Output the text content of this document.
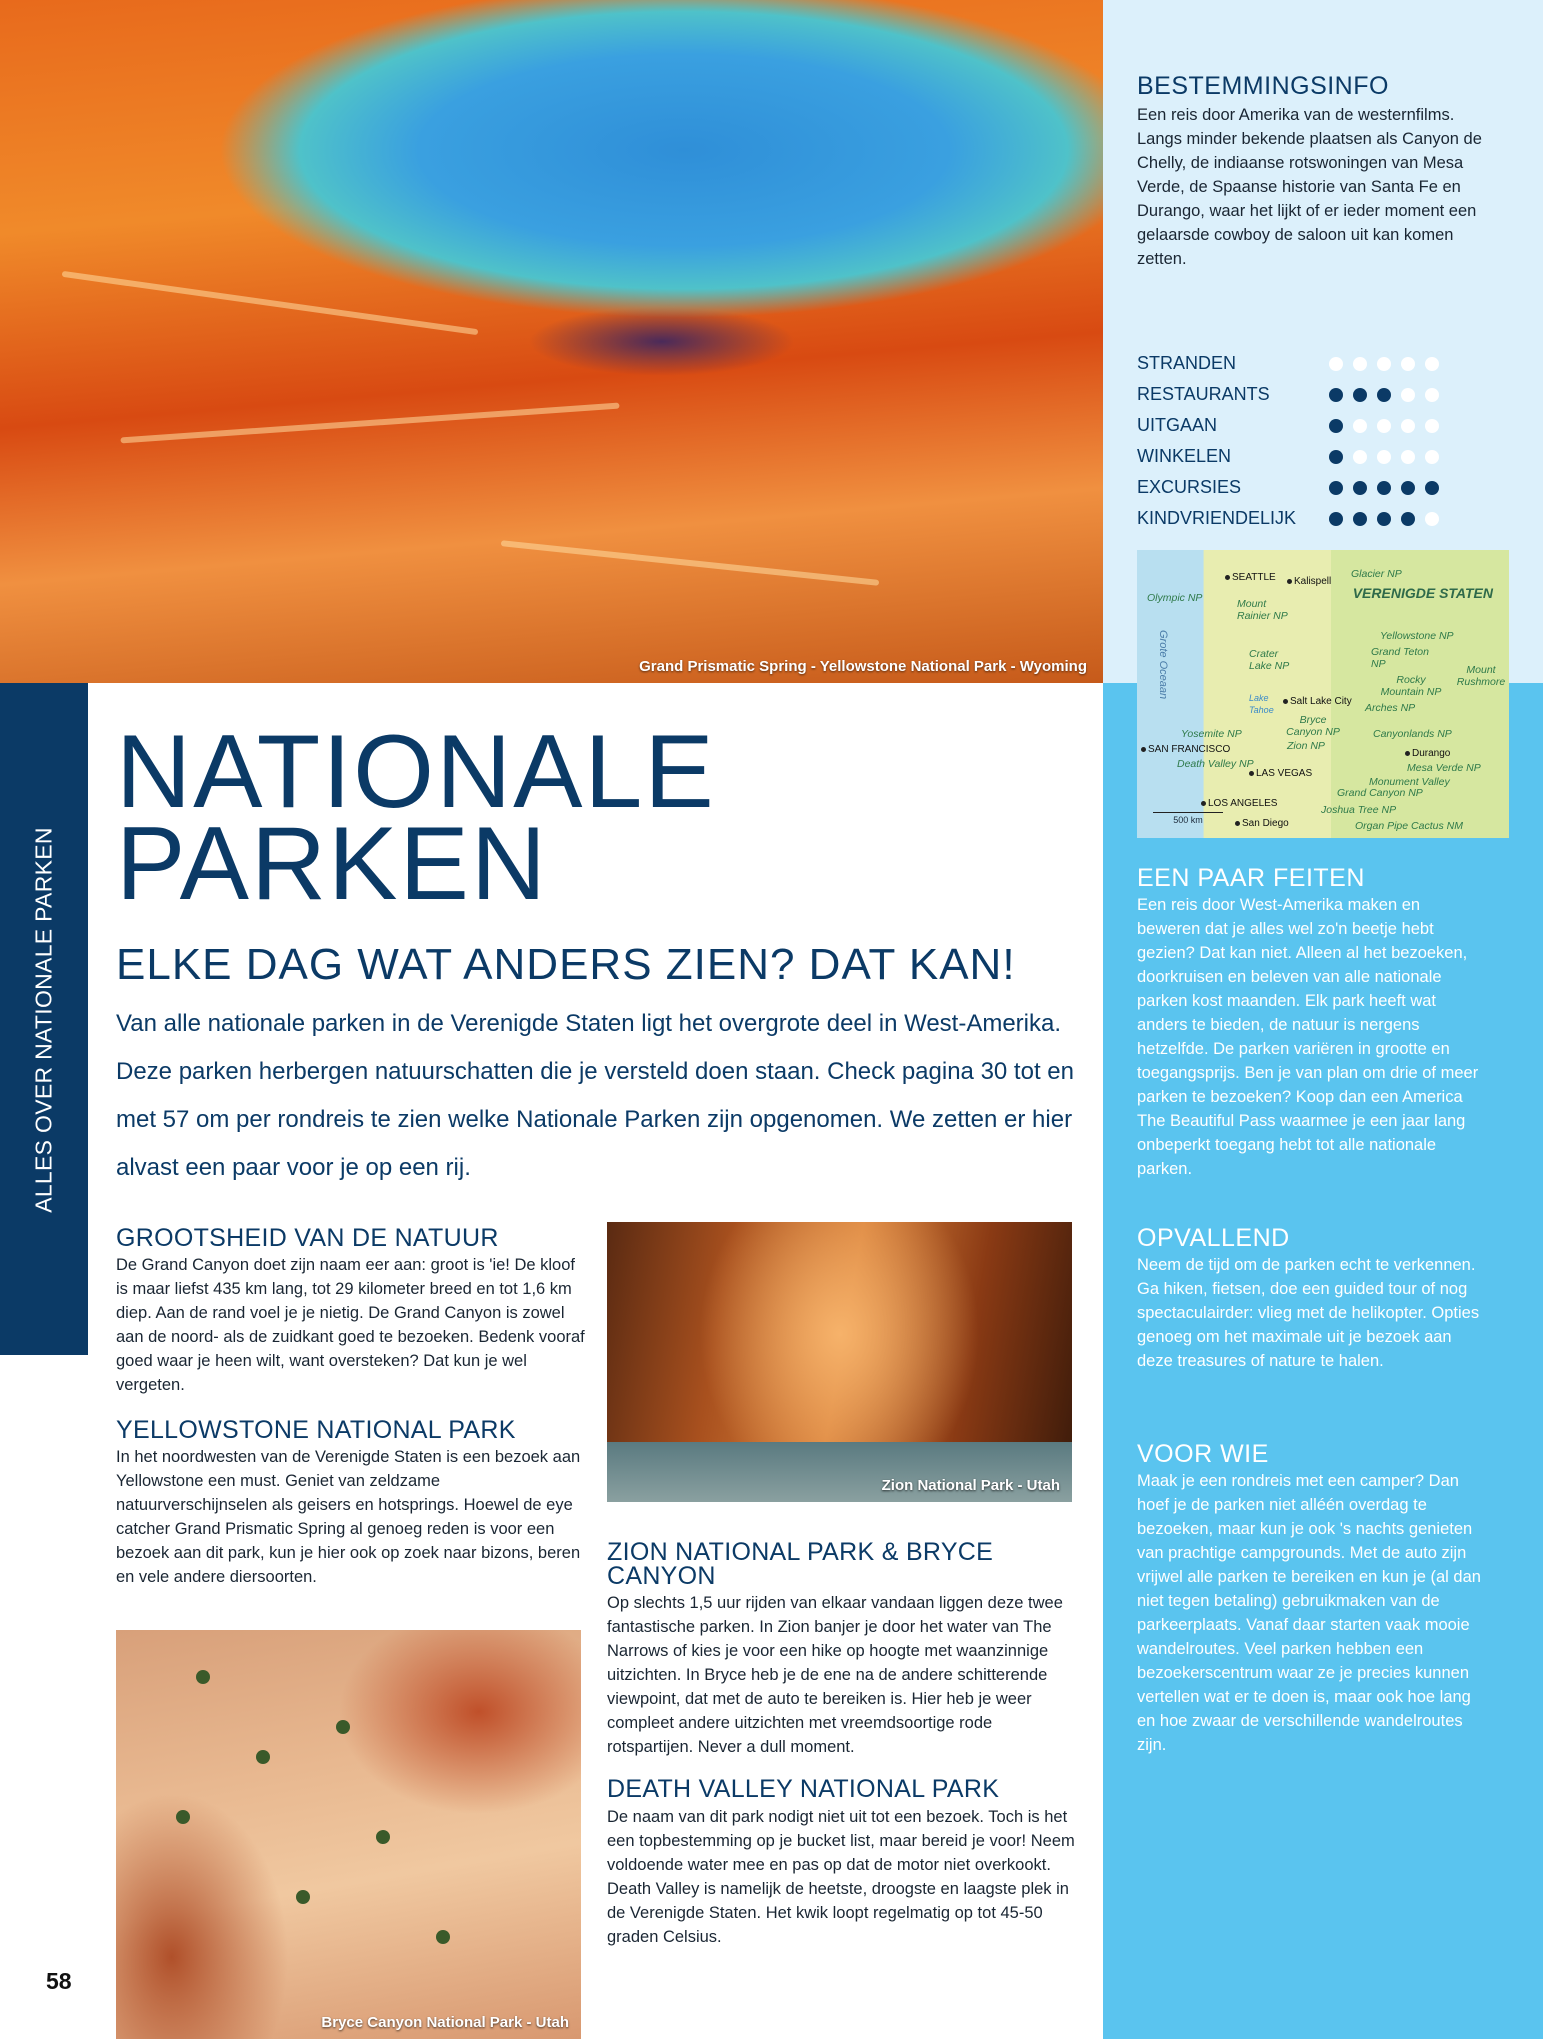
Grand Prismatic Spring - Yellowstone National Park - Wyoming
BESTEMMINGSINFO

Een reis door Amerika van de westernfilms. Langs minder bekende plaatsen als Canyon de Chelly, de indiaanse rotswoningen van Mesa Verde, de Spaanse historie van Santa Fe en Durango, waar het lijkt of er ieder moment een gelaarsde cowboy de saloon uit kan komen zetten.

STRANDEN
RESTAURANTS
UITGAAN
WINKELEN
EXCURSIES
KINDVRIENDELIJK
Grote Oceaan
VERENIGDE STATEN
Glacier NP
Olympic NP	Mount Rainier NP
Yellowstone NP
Grand Teton NP
Crater Lake NP
Rocky Mountain NP
Mount Rushmore
Arches NP
Bryce Canyon NP
Zion NP
Canyonlands NP
Yosemite NP
Mesa Verde NP
Death Valley NP
Monument Valley
Grand Canyon NP
Joshua Tree NP
Organ Pipe Cactus NM
SEATTLE	Kalispell
Salt Lake City
SAN FRANCISCO	Durango
LAS VEGAS
LOS ANGELES
San Diego
Lake Tahoe
500 km
EEN PAAR FEITEN

Een reis door West-Amerika maken en beweren dat je alles wel zo'n beetje hebt gezien? Dat kan niet. Alleen al het bezoeken, doorkruisen en beleven van alle nationale parken kost maanden. Elk park heeft wat anders te bieden, de natuur is nergens hetzelfde. De parken variëren in grootte en toegangsprijs. Ben je van plan om drie of meer parken te bezoeken? Koop dan een America The Beautiful Pass waarmee je een jaar lang onbeperkt toegang hebt tot alle nationale parken.

OPVALLEND

Neem de tijd om de parken echt te verkennen. Ga hiken, fietsen, doe een guided tour of nog spectaculairder: vlieg met de helikopter. Opties genoeg om het maximale uit je bezoek aan deze treasures of nature te halen.

VOOR WIE

Maak je een rondreis met een camper? Dan hoef je de parken niet alléén overdag te bezoeken, maar kun je ook 's nachts genieten van prachtige campgrounds. Met de auto zijn vrijwel alle parken te bereiken en kun je (al dan niet tegen betaling) gebruikmaken van de parkeerplaats. Vanaf daar starten vaak mooie wandelroutes. Veel parken hebben een bezoekerscentrum waar ze je precies kunnen vertellen wat er te doen is, maar ook hoe lang en hoe zwaar de verschillende wandelroutes zijn.

ALLES OVER NATIONALE PARKEN
NATIONALE
PARKEN
ELKE DAG WAT ANDERS ZIEN? DAT KAN!

Van alle nationale parken in de Verenigde Staten ligt het overgrote deel in West-Amerika. Deze parken herbergen natuurschatten die je versteld doen staan. Check pagina 30 tot en met 57 om per rondreis te zien welke Nationale Parken zijn opgenomen. We zetten er hier alvast een paar voor je op een rij.

GROOTSHEID VAN DE NATUUR

De Grand Canyon doet zijn naam eer aan: groot is 'ie! De kloof is maar liefst 435 km lang, tot 29 kilometer breed en tot 1,6 km diep. Aan de rand voel je je nietig. De Grand Canyon is zowel aan de noord- als de zuidkant goed te bezoeken. Bedenk vooraf goed waar je heen wilt, want oversteken? Dat kun je wel vergeten.

YELLOWSTONE NATIONAL PARK

In het noordwesten van de Verenigde Staten is een bezoek aan Yellowstone een must. Geniet van zeldzame natuurverschijnselen als geisers en hotsprings. Hoewel de eye catcher Grand Prismatic Spring al genoeg reden is voor een bezoek aan dit park, kun je hier ook op zoek naar bizons, beren en vele andere diersoorten.

Zion National Park - Utah
ZION NATIONAL PARK & BRYCE CANYON

Op slechts 1,5 uur rijden van elkaar vandaan liggen deze twee fantastische parken. In Zion banjer je door het water van The Narrows of kies je voor een hike op hoogte met waanzinnige uitzichten. In Bryce heb je de ene na de andere schitterende viewpoint, dat met de auto te bereiken is. Hier heb je weer compleet andere uitzichten met vreemdsoortige rode rotspartijen. Never a dull moment.

DEATH VALLEY NATIONAL PARK

De naam van dit park nodigt niet uit tot een bezoek. Toch is het een topbestemming op je bucket list, maar bereid je voor! Neem voldoende water mee en pas op dat de motor niet overkookt. Death Valley is namelijk de heetste, droogste en laagste plek in de Verenigde Staten. Het kwik loopt regelmatig op tot 45-50 graden Celsius.

Bryce Canyon National Park - Utah
58
